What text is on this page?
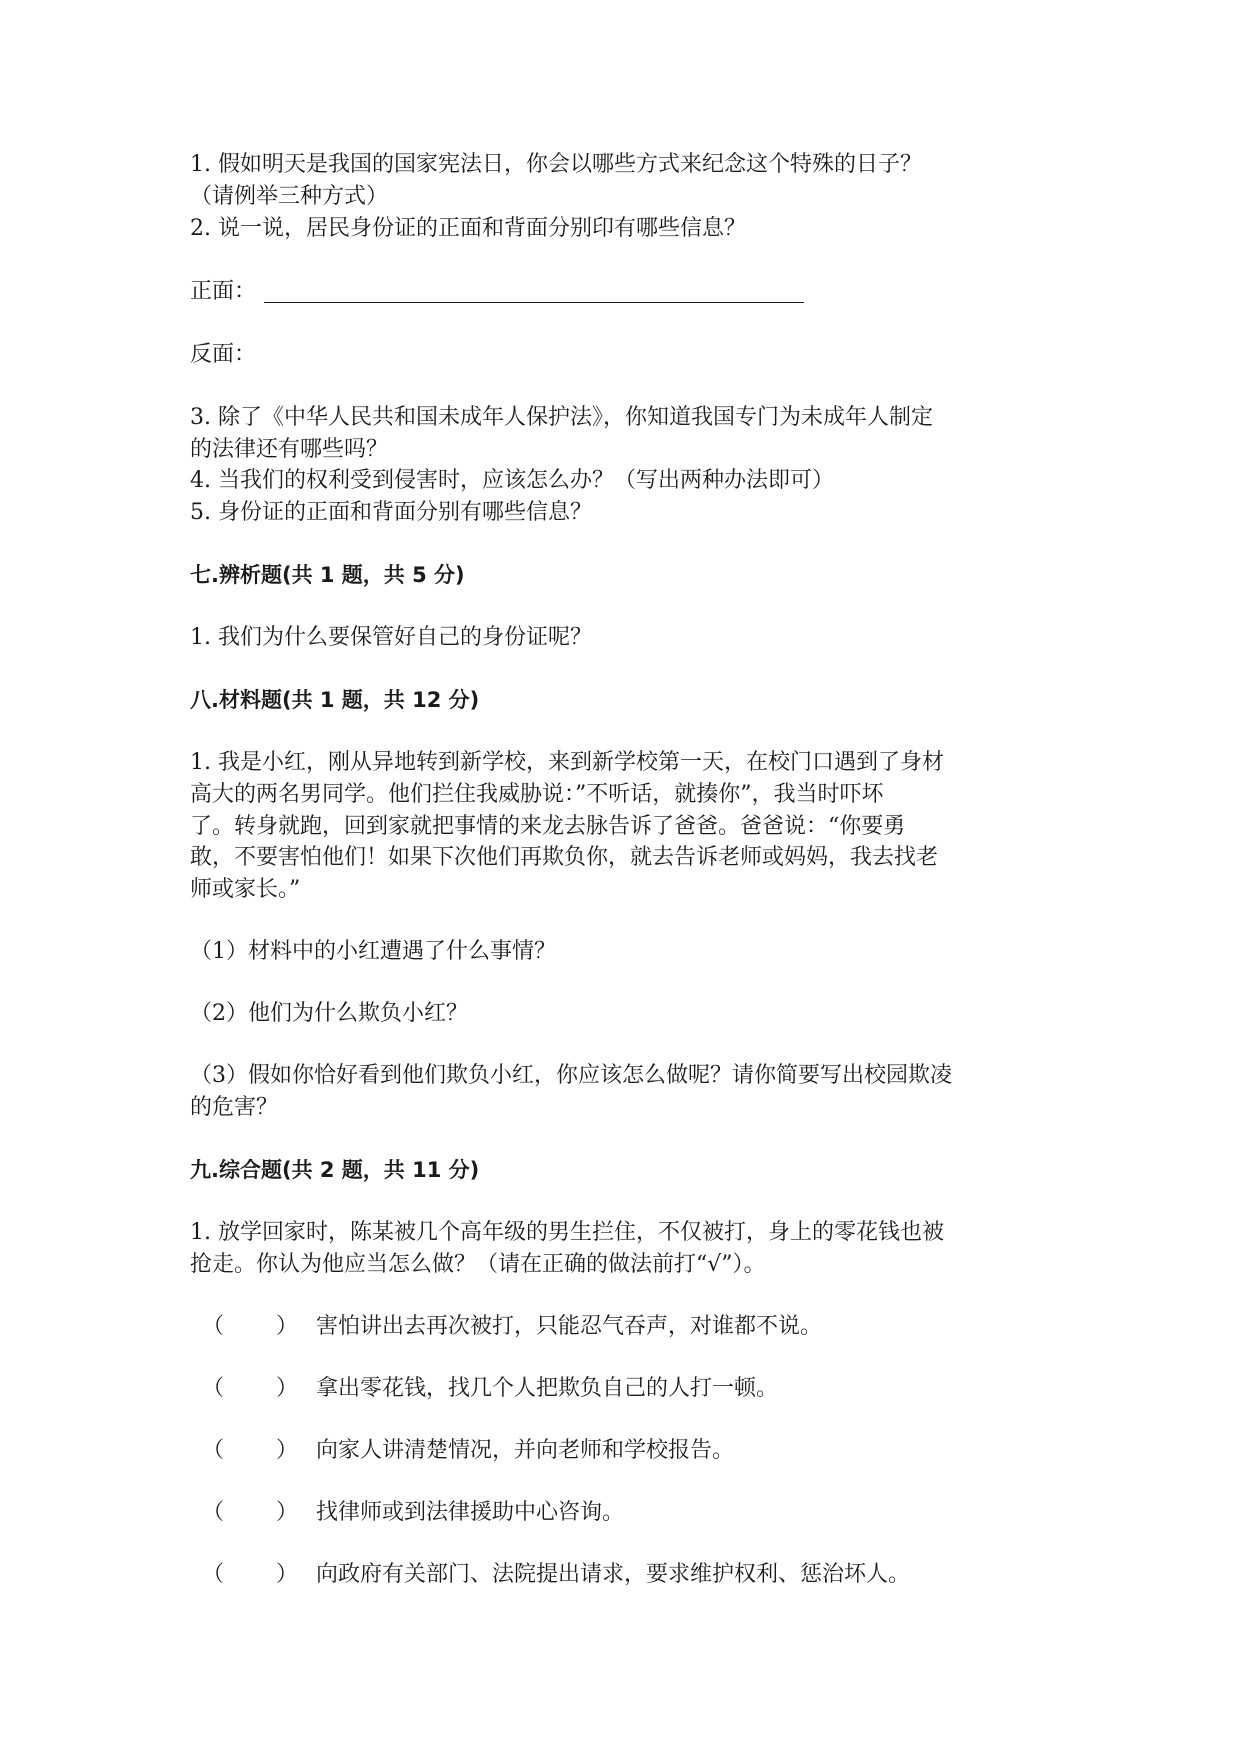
1. 假如明天是我国的国家宪法日，你会以哪些方式来纪念这个特殊的日子？
（请例举三种方式）
2. 说一说，居民身份证的正面和背面分别印有哪些信息？
正面：
反面：
3. 除了《中华人民共和国未成年人保护法》，你知道我国专门为未成年人制定
的法律还有哪些吗？
4. 当我们的权利受到侵害时，应该怎么办？（写出两种办法即可）
5. 身份证的正面和背面分别有哪些信息？
七.辨析题(共 1 题，共 5 分)
1. 我们为什么要保管好自己的身份证呢？
八.材料题(共 1 题，共 12 分)
1. 我是小红，刚从异地转到新学校，来到新学校第一天，在校门口遇到了身材
高大的两名男同学。他们拦住我威胁说：”不听话，就揍你”，我当时吓坏
了。转身就跑，回到家就把事情的来龙去脉告诉了爸爸。爸爸说：“你要勇
敢，不要害怕他们！如果下次他们再欺负你，就去告诉老师或妈妈，我去找老
师或家长。”
（1）材料中的小红遭遇了什么事情？
（2）他们为什么欺负小红？
（3）假如你恰好看到他们欺负小红，你应该怎么做呢？请你简要写出校园欺凌
的危害？
九.综合题(共 2 题，共 11 分)
1. 放学回家时，陈某被几个高年级的男生拦住，不仅被打，身上的零花钱也被
抢走。你认为他应当怎么做？（请在正确的做法前打“√”）。
（ ） 害怕讲出去再次被打，只能忍气吞声，对谁都不说。
（ ） 拿出零花钱，找几个人把欺负自己的人打一顿。
（ ） 向家人讲清楚情况，并向老师和学校报告。
（ ） 找律师或到法律援助中心咨询。
（ ） 向政府有关部门、法院提出请求，要求维护权利、惩治坏人。
